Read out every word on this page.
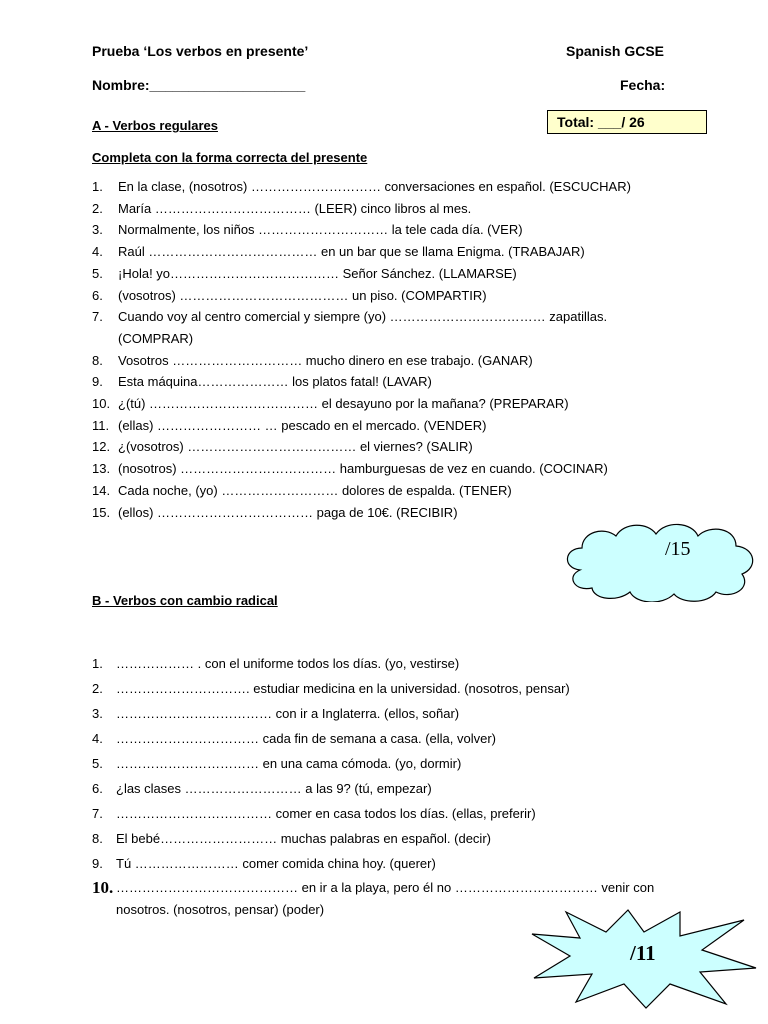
Prueba ‘Los verbos en presente’	Spanish GCSE
Nombre:____________________	Fecha:
Total: ___/ 26
A - Verbos regulares
Completa con la forma correcta del presente
1. En la clase, (nosotros) ………………………… conversaciones en español. (ESCUCHAR)
2. María ……………………………… (LEER) cinco libros al mes.
3. Normalmente, los niños ………………………… la tele cada día. (VER)
4. Raúl ………………………………… en un bar que se llama Enigma. (TRABAJAR)
5. ¡Hola! yo………………………………… Señor Sánchez. (LLAMARSE)
6. (vosotros) ………………………………… un piso. (COMPARTIR)
7. Cuando voy al centro comercial y siempre (yo) ……………………………… zapatillas. (COMPRAR)
8. Vosotros ………………………… mucho dinero en ese trabajo. (GANAR)
9. Esta máquina………………… los platos fatal! (LAVAR)
10. ¿(tú) ………………………………… el desayuno por la mañana? (PREPARAR)
11. (ellas) …………………… … pescado en el mercado. (VENDER)
12. ¿(vosotros) ………………………………… el viernes? (SALIR)
13. (nosotros) ……………………………… hamburguesas de vez en cuando. (COCINAR)
14. Cada noche, (yo) ……………………… dolores de espalda. (TENER)
15. (ellos) ……………………………… paga de 10€. (RECIBIR)
/15
B - Verbos con cambio radical
1. ……………… . con el uniforme todos los días. (yo, vestirse)
2. …………………………. estudiar medicina en la universidad. (nosotros, pensar)
3. ……………………………… con ir a Inglaterra. (ellos, soñar)
4. …………………………… cada fin de semana a casa. (ella, volver)
5. …………………………… en una cama cómoda. (yo, dormir)
6. ¿las clases ……………………… a las 9? (tú, empezar)
7. ……………………………… comer en casa todos los días. (ellas, preferir)
8. El bebé……………………… muchas palabras en español. (decir)
9. Tú …………………… comer comida china hoy. (querer)
10. …………………………………… en ir a la playa, pero él no …………………………… venir con nosotros. (nosotros, pensar) (poder)
/11
